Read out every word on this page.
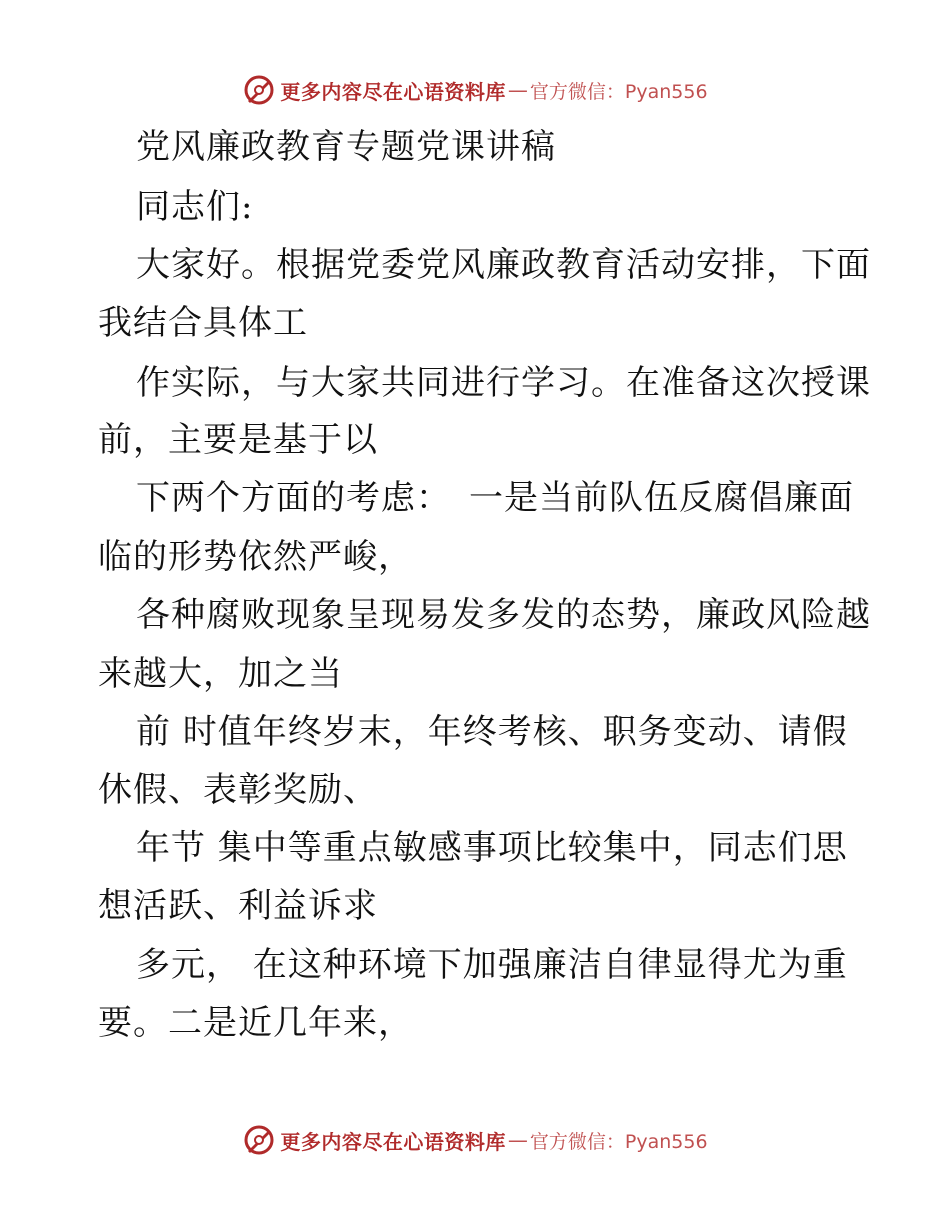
更多内容尽在心语资料库 — 官方微信：Pyan556
党风廉政教育专题党课讲稿
同志们:
大家好。根据党委党风廉政教育活动安排，下面
我结合具体工
作实际，与大家共同进行学习。在准备这次授课
前，主要是基于以
下两个方面的考虑：　一是当前队伍反腐倡廉面
临的形势依然严峻，
各种腐败现象呈现易发多发的态势，廉政风险越
来越大，加之当
前 时值年终岁末，年终考核、职务变动、请假
休假、表彰奖励、
年节 集中等重点敏感事项比较集中，同志们思
想活跃、利益诉求
多元， 在这种环境下加强廉洁自律显得尤为重
要。二是近几年来，
更多内容尽在心语资料库 — 官方微信：Pyan556
